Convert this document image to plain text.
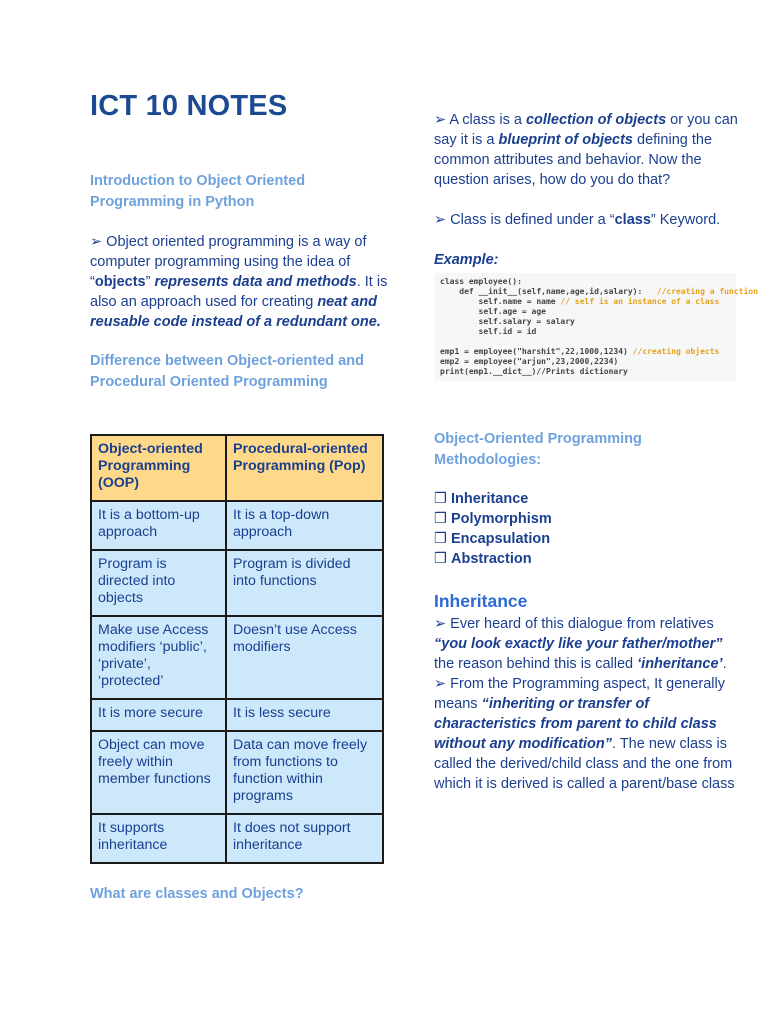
ICT 10 NOTES

Introduction to Object Oriented Programming in Python

➢ Object oriented programming is a way of computer programming using the idea of “objects” represents data and methods. It is also an approach used for creating neat and reusable code instead of a redundant one.

Difference between Object-oriented and Procedural Oriented Programming

Object-oriented Programming (OOP)	Procedural-oriented Programming (Pop)
It is a bottom-up approach	It is a top-down approach
Program is directed into objects	Program is divided into functions
Make use Access modifiers ‘public’, ‘private’, ‘protected’	Doesn’t use Access modifiers
It is more secure	It is less secure
Object can move freely within member functions	Data can move freely from functions to function within programs
It supports inheritance	It does not support inheritance

What are classes and Objects?

➢ A class is a collection of objects or you can say it is a blueprint of objects defining the common attributes and behavior. Now the question arises, how do you do that?

➢ Class is defined under a “class” Keyword.

Example:

class employee():
def __init__(self,name,age,id,salary):   //creating a function
self.name = name // self is an instance of a class
self.age = age
self.salary = salary
self.id = id

emp1 = employee("harshit",22,1000,1234) //creating objects
emp2 = employee("arjun",23,2000,2234)
print(emp1.__dict__)//Prints dictionary

Object-Oriented Programming Methodologies:

❒ Inheritance
❒ Polymorphism
❒ Encapsulation
❒ Abstraction
Inheritance

➢ Ever heard of this dialogue from relatives “you look exactly like your father/mother” the reason behind this is called ‘inheritance’.
➢ From the Programming aspect, It generally means “inheriting or transfer of characteristics from parent to child class without any modification”. The new class is called the derived/child class and the one from which it is derived is called a parent/base class
